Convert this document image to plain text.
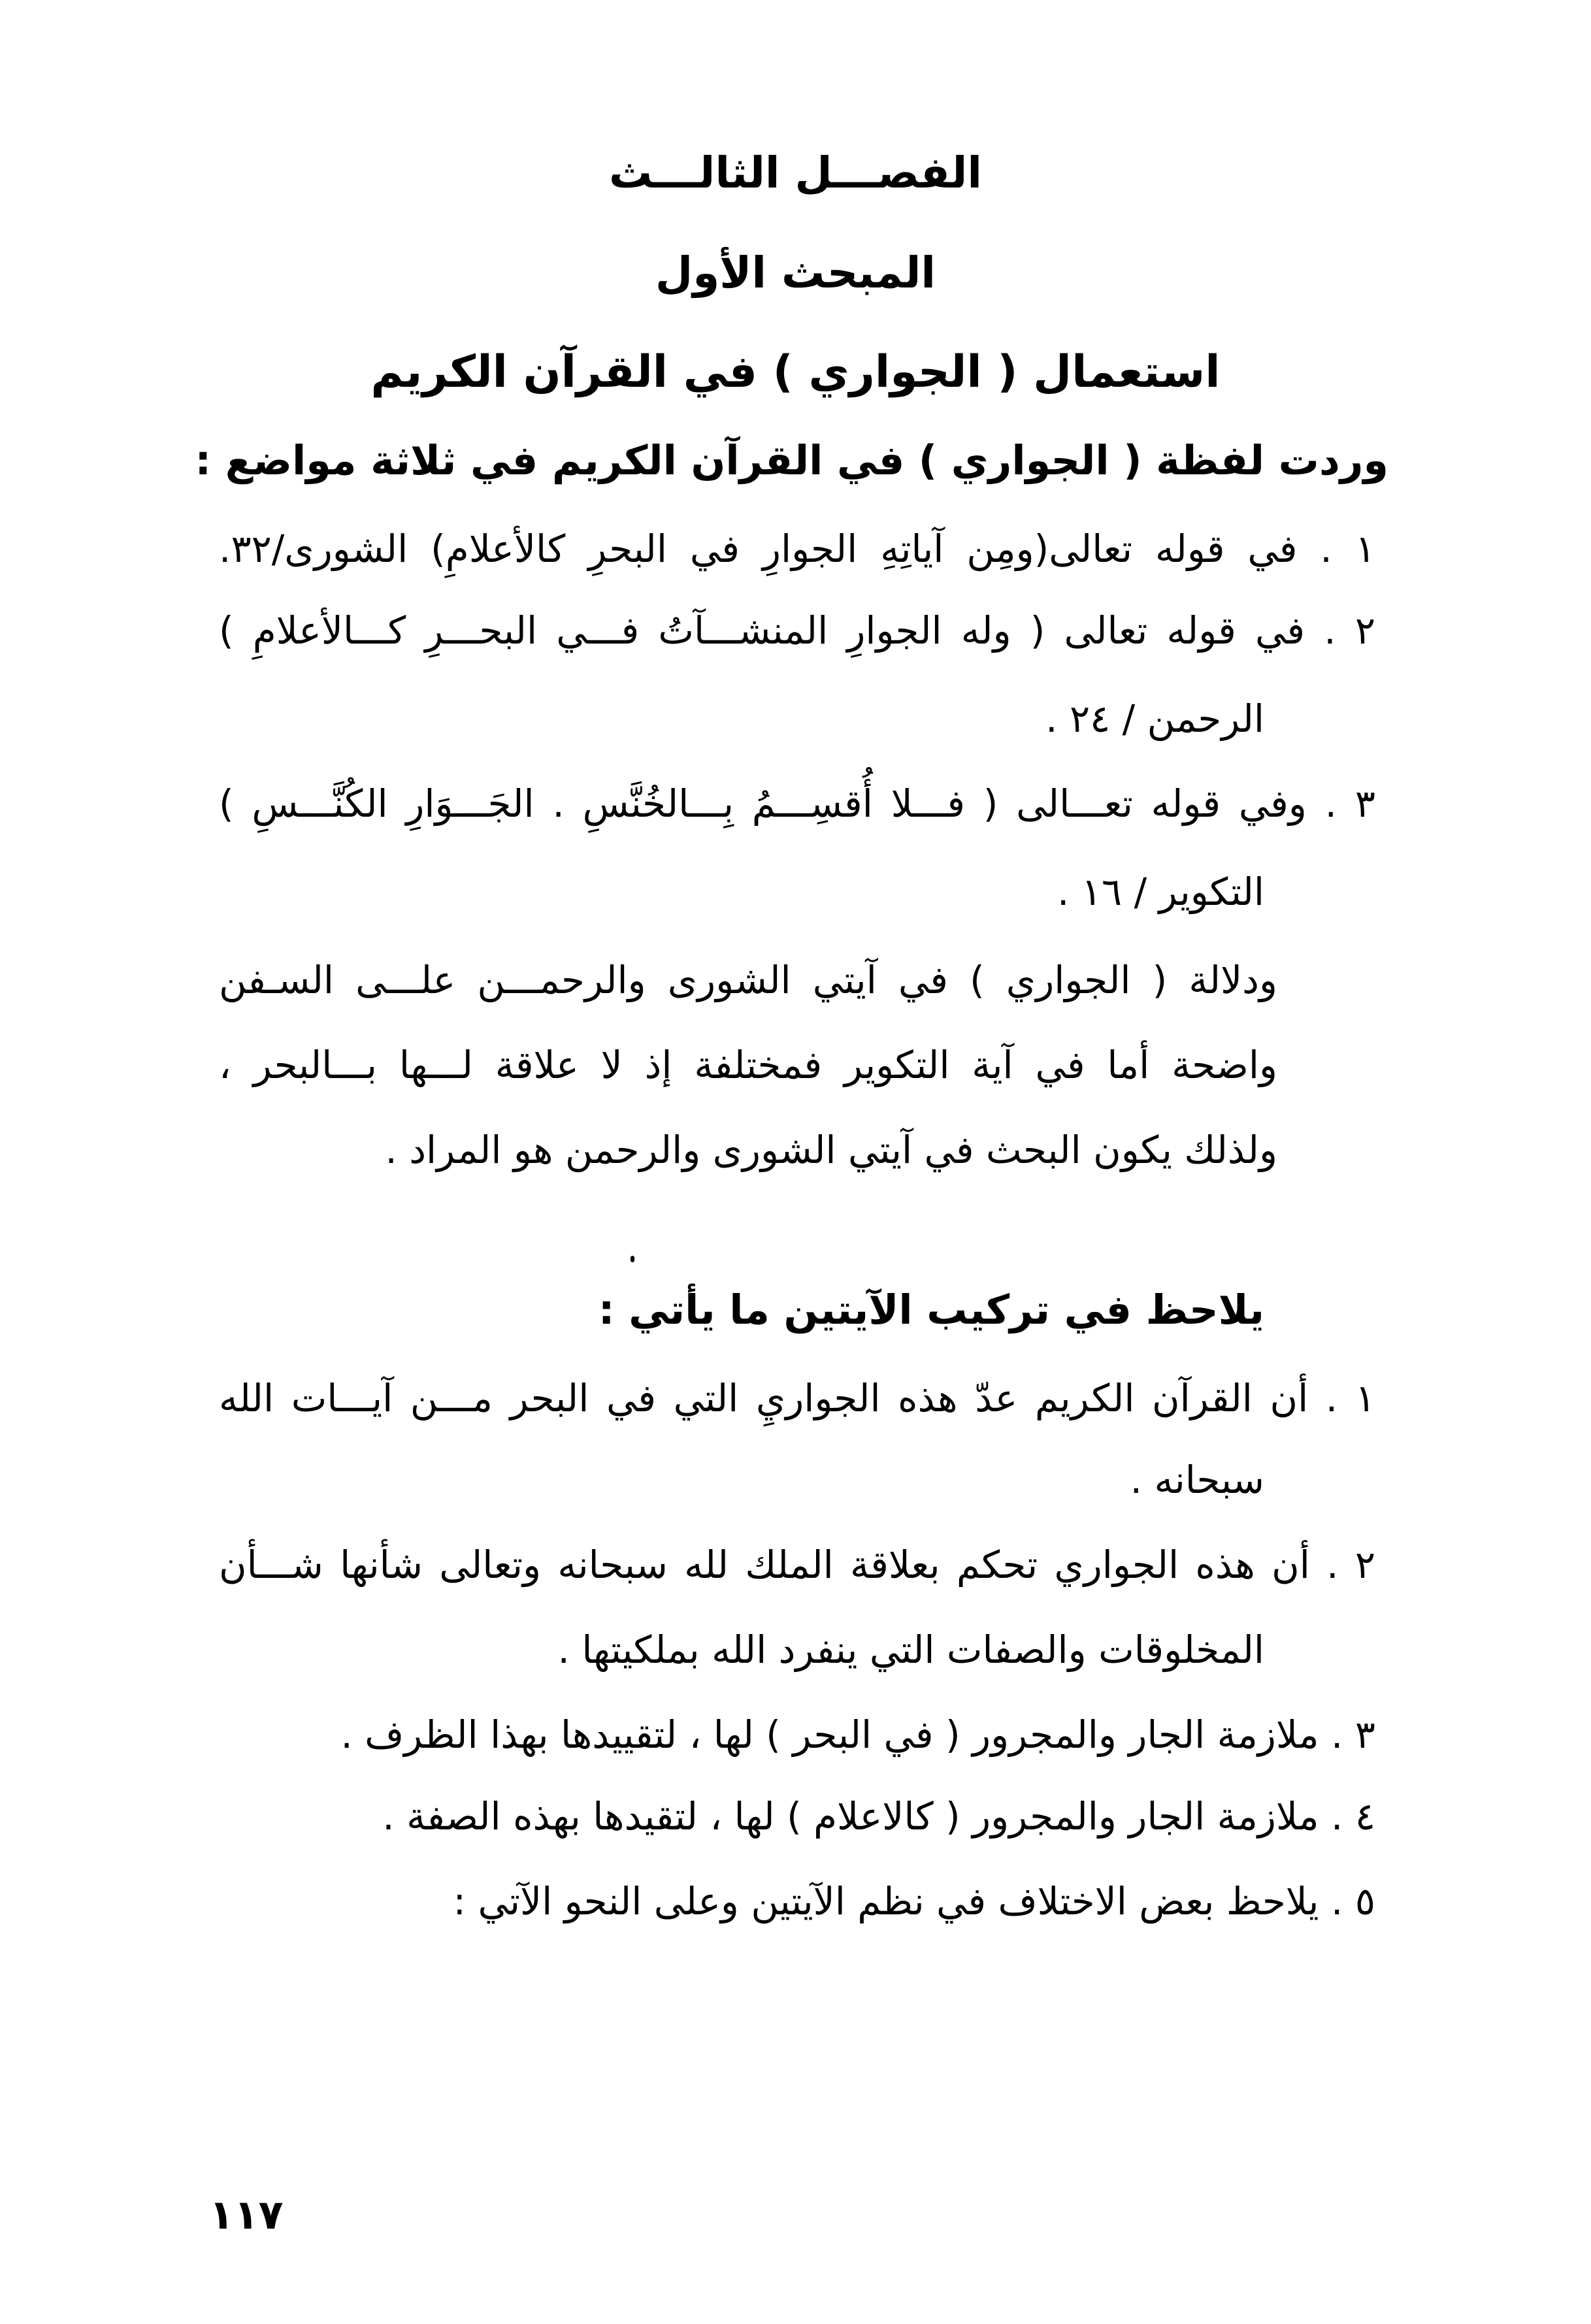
الفصـــل الثالـــث
المبحث الأول
استعمال ( الجواري ) في القرآن الكريم
وردت لفظة ( الجواري ) في القرآن الكريم في ثلاثة مواضع :
١ . في قوله تعالى(ومِن آياتِهِ الجوارِ في البحرِ كالأعلامِ) الشورى/٣٢.
٢ . في قوله تعالى ( وله الجوارِ المنشـــآتُ فـــي البحـــرِ كـــالأعلامِ )
الرحمن / ٢٤ .
٣ . وفي قوله تعـــالى ( فـــلا أُقسِـــمُ بِـــالخُنَّسِ . الجَـــوَارِ الكُنَّـــسِ )
التكوير / ١٦ .
ودلالة ( الجواري ) في آيتي الشورى والرحمـــن علـــى السـفن
واضحة أما في آية التكوير فمختلفة إذ لا علاقة لـــها بـــالبحر ،
ولذلك يكون البحث في آيتي الشورى والرحمن هو المراد .
يلاحظ في تركيب الآيتين ما يأتي :
١ . أن القرآن الكريم عدّ هذه الجواريِ التي في البحر مـــن آيـــات الله
سبحانه .
٢ . أن هذه الجواري تحكم بعلاقة الملك لله سبحانه وتعالى شأنها شـــأن
المخلوقات والصفات التي ينفرد الله بملكيتها .
٣ . ملازمة الجار والمجرور ( في البحر ) لها ، لتقييدها بهذا الظرف .
٤ . ملازمة الجار والمجرور ( كالاعلام ) لها ، لتقيدها بهذه الصفة .
٥ . يلاحظ بعض الاختلاف في نظم الآيتين وعلى النحو الآتي :
١١٧
